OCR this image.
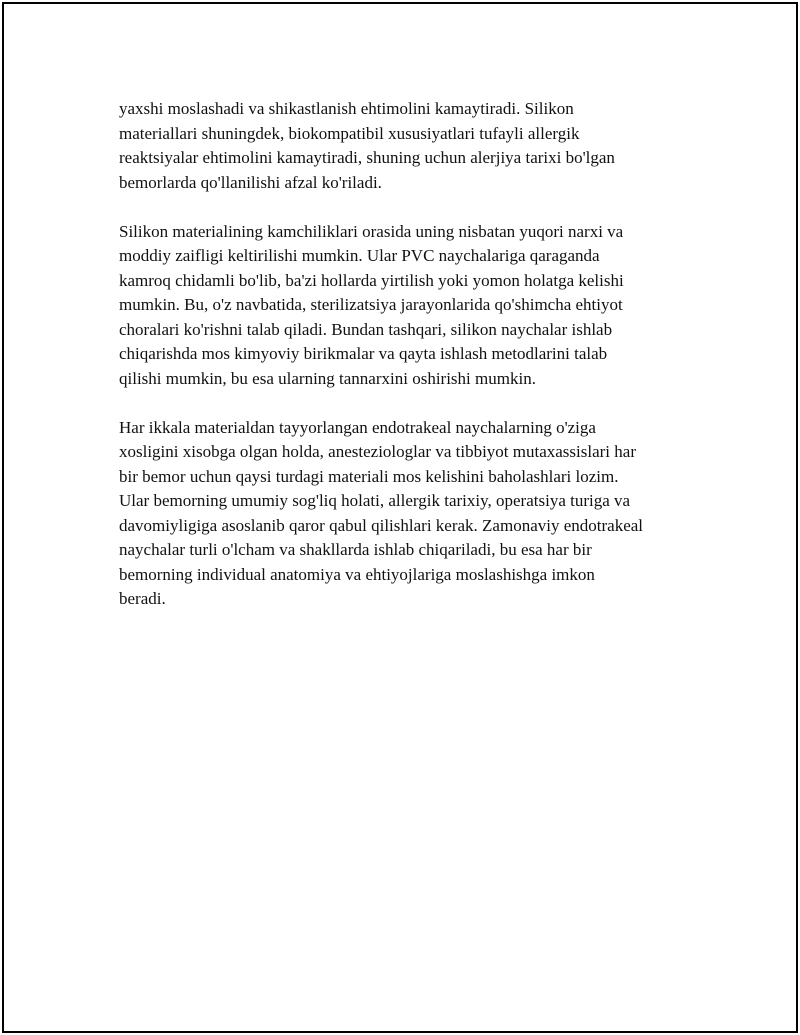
yaxshi moslashadi va shikastlanish ehtimolini kamaytiradi. Silikon
materiallari shuningdek, biokompatibil xususiyatlari tufayli allergik
reaktsiyalar ehtimolini kamaytiradi, shuning uchun alerjiya tarixi bo'lgan
bemorlarda qo'llanilishi afzal ko'riladi.

Silikon materialining kamchiliklari orasida uning nisbatan yuqori narxi va
moddiy zaifligi keltirilishi mumkin. Ular PVC naychalariga qaraganda
kamroq chidamli bo'lib, ba'zi hollarda yirtilish yoki yomon holatga kelishi
mumkin. Bu, o'z navbatida, sterilizatsiya jarayonlarida qo'shimcha ehtiyot
choralari ko'rishni talab qiladi. Bundan tashqari, silikon naychalar ishlab
chiqarishda mos kimyoviy birikmalar va qayta ishlash metodlarini talab
qilishi mumkin, bu esa ularning tannarxini oshirishi mumkin.

Har ikkala materialdan tayyorlangan endotrakeal naychalarning o'ziga
xosligini xisobga olgan holda, anesteziologlar va tibbiyot mutaxassislari har
bir bemor uchun qaysi turdagi materiali mos kelishini baholashlari lozim.
Ular bemorning umumiy sog'liq holati, allergik tarixiy, operatsiya turiga va
davomiyligiga asoslanib qaror qabul qilishlari kerak. Zamonaviy endotrakeal
naychalar turli o'lcham va shakllarda ishlab chiqariladi, bu esa har bir
bemorning individual anatomiya va ehtiyojlariga moslashishga imkon
beradi.
